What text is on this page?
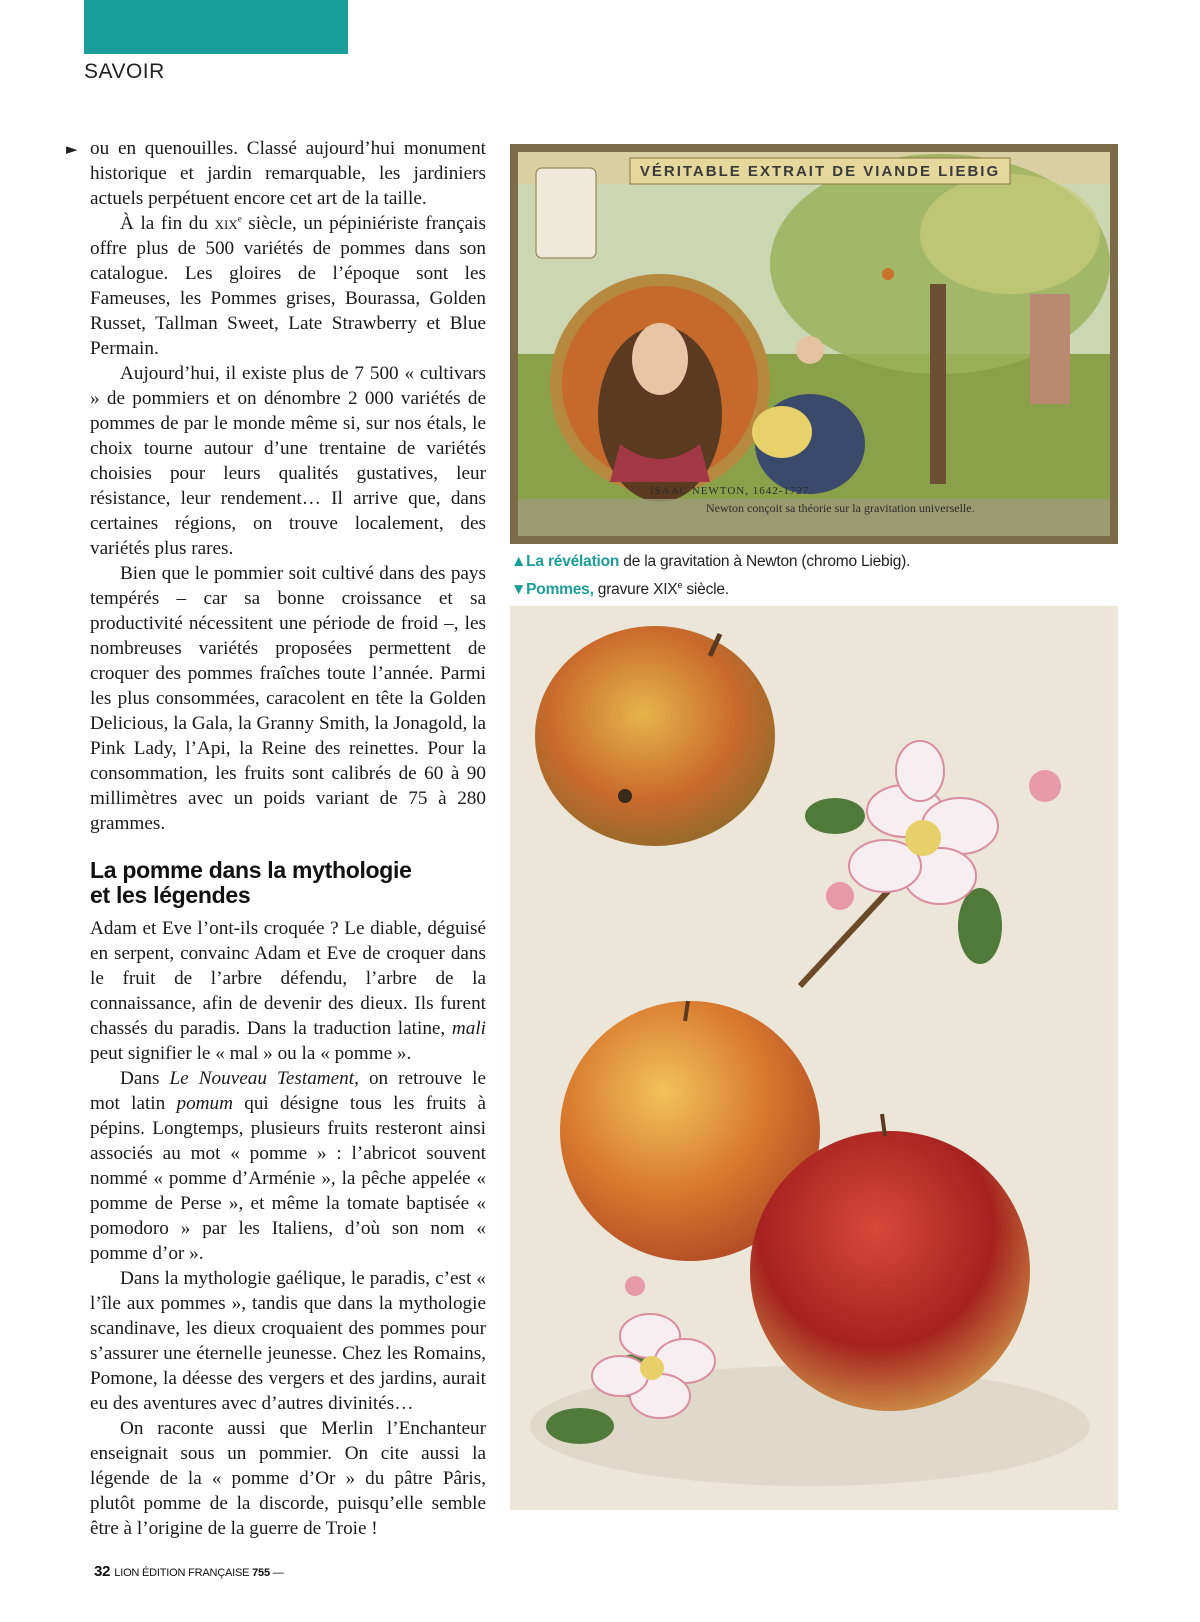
SAVOIR
► ou en quenouilles. Classé aujourd’hui monument historique et jardin remarquable, les jardiniers actuels perpétuent encore cet art de la taille.

À la fin du xix$^e$ siècle, un pépiniériste français offre plus de 500 variétés de pommes dans son catalogue. Les gloires de l’époque sont les Fameuses, les Pommes grises, Bourassa, Golden Russet, Tallman Sweet, Late Strawberry et Blue Permain.

Aujourd’hui, il existe plus de 7 500 « cultivars » de pommiers et on dénombre 2 000 variétés de pommes de par le monde même si, sur nos étals, le choix tourne autour d’une trentaine de variétés choisies pour leurs qualités gustatives, leur résistance, leur rendement… Il arrive que, dans certaines régions, on trouve localement, des variétés plus rares.

Bien que le pommier soit cultivé dans des pays tempérés – car sa bonne croissance et sa productivité nécessitent une période de froid –, les nombreuses variétés proposées permettent de croquer des pommes fraîches toute l’année. Parmi les plus consommées, caracolent en tête la Golden Delicious, la Gala, la Granny Smith, la Jonagold, la Pink Lady, l’Api, la Reine des reinettes. Pour la consommation, les fruits sont calibrés de 60 à 90 millimètres avec un poids variant de 75 à 280 grammes.

La pomme dans la mythologie
et les légendes

Adam et Eve l’ont-ils croquée ? Le diable, déguisé en serpent, convainc Adam et Eve de croquer dans le fruit de l’arbre défendu, l’arbre de la connaissance, afin de devenir des dieux. Ils furent chassés du paradis. Dans la traduction latine, mali peut signifier le « mal » ou la « pomme ».

Dans Le Nouveau Testament, on retrouve le mot latin pomum qui désigne tous les fruits à pépins. Longtemps, plusieurs fruits resteront ainsi associés au mot « pomme » : l’abricot souvent nommé « pomme d’Arménie », la pêche appelée « pomme de Perse », et même la tomate baptisée « pomodoro » par les Italiens, d’où son nom « pomme d’or ».

Dans la mythologie gaélique, le paradis, c’est « l’île aux pommes », tandis que dans la mythologie scandinave, les dieux croquaient des pommes pour s’assurer une éternelle jeunesse. Chez les Romains, Pomone, la déesse des vergers et des jardins, aurait eu des aventures avec d’autres divinités…

On raconte aussi que Merlin l’Enchanteur enseignait sous un pommier. On cite aussi la légende de la « pomme d’Or » du pâtre Pâris, plutôt pomme de la discorde, puisqu’elle semble être à l’origine de la guerre de Troie !

VÉRITABLE EXTRAIT DE VIANDE LIEBIG
ISAAC NEWTON, 1642-1727.
Newton conçoit sa théorie sur la gravitation universelle.
▲La révélation de la gravitation à Newton (chromo Liebig).
▼Pommes, gravure XIXe siècle.
32 LION ÉDITION FRANÇAISE 755 —
